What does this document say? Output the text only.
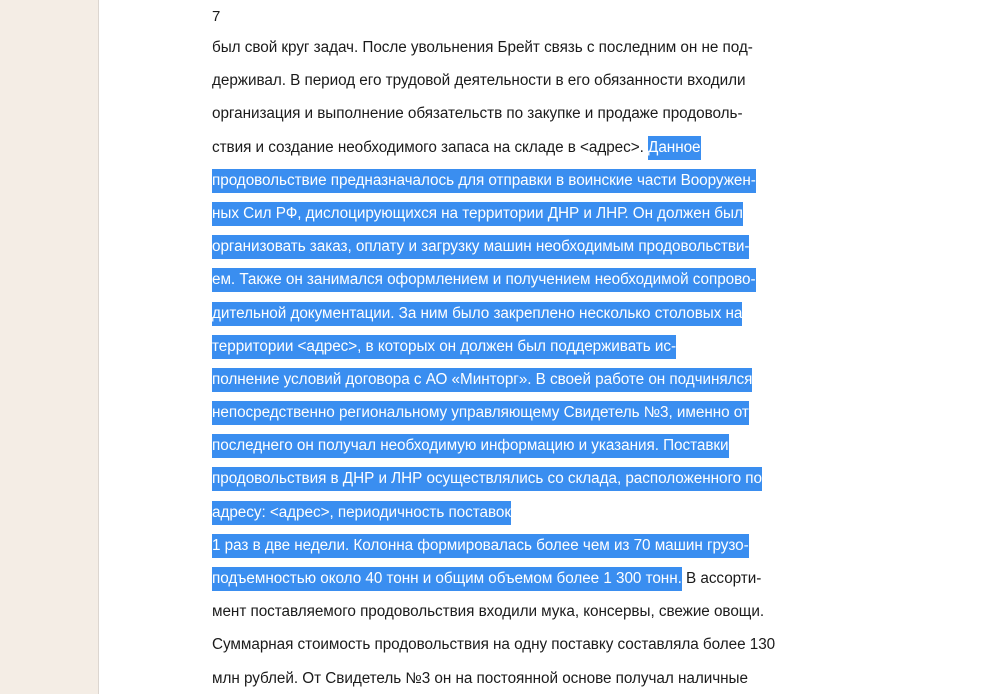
7
был свой круг задач. После увольнения Брейт связь с последним он не под-
держивал. В период его трудовой деятельности в его обязанности входили
организация и выполнение обязательств по закупке и продаже продоволь-
ствия и создание необходимого запаса на складе в <адрес>. Данное
продовольствие предназначалось для отправки в воинские части Вооружен-
ных Сил РФ, дислоцирующихся на территории ДНР и ЛНР. Он должен был
организовать заказ, оплату и загрузку машин необходимым продовольстви-
ем. Также он занимался оформлением и получением необходимой сопрово-
дительной документации. За ним было закреплено несколько столовых на
территории <адрес>, в которых он должен был поддерживать ис-
полнение условий договора с АО «Минторг». В своей работе он подчинялся
непосредственно региональному управляющему Свидетель №3, именно от
последнего он получал необходимую информацию и указания. Поставки
продовольствия в ДНР и ЛНР осуществлялись со склада, расположенного по
адресу: <адрес>, периодичность поставок
1 раз в две недели. Колонна формировалась более чем из 70 машин грузо-
подъемностью около 40 тонн и общим объемом более 1 300 тонн. В ассорти-
мент поставляемого продовольствия входили мука, консервы, свежие овощи.
Суммарная стоимость продовольствия на одну поставку составляла более 130
млн рублей. От Свидетель №3 он на постоянной основе получал наличные
